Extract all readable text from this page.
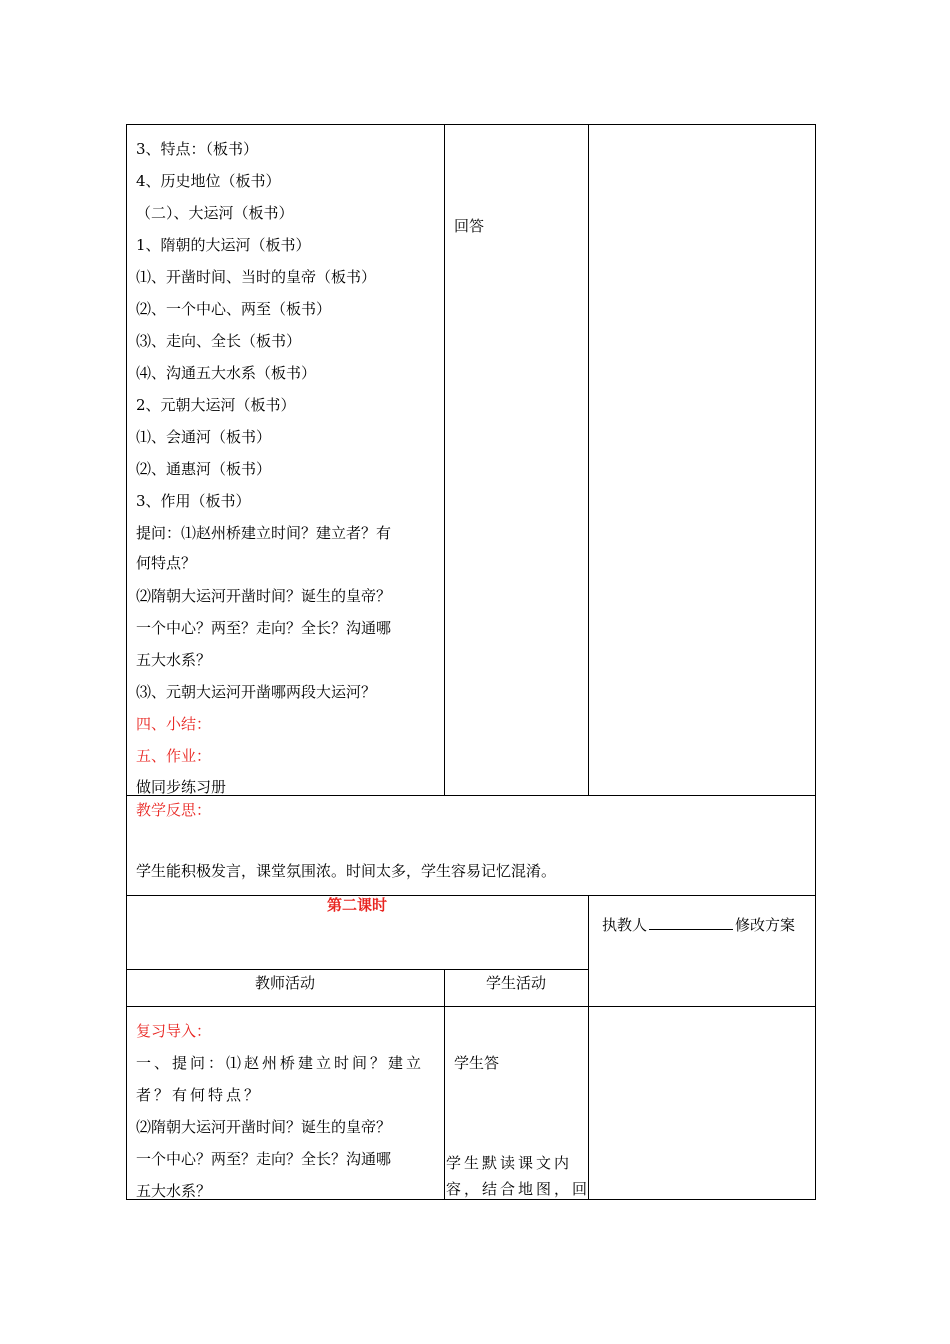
3、特点：（板书）
4、历史地位（板书）
（二）、大运河（板书）
1、隋朝的大运河（板书）
⑴、开凿时间、当时的皇帝（板书）
⑵、一个中心、两至（板书）
⑶、走向、全长（板书）
⑷、沟通五大水系（板书）
2、元朝大运河（板书）
⑴、会通河（板书）
⑵、通惠河（板书）
3、作用（板书）
提问：⑴赵州桥建立时间？建立者？有
何特点？
⑵隋朝大运河开凿时间？诞生的皇帝？
一个中心？两至？走向？全长？沟通哪
五大水系？
⑶、元朝大运河开凿哪两段大运河？
四、小结：
五、作业：
做同步练习册
回答
教学反思：
学生能积极发言，课堂氛围浓。时间太多，学生容易记忆混淆。
第二课时
执教人	修改方案
教师活动	学生活动
复习导入：
一、提问：⑴赵州桥建立时间？建立
者？有何特点？
⑵隋朝大运河开凿时间？诞生的皇帝？
一个中心？两至？走向？全长？沟通哪
五大水系？
学生答
学生默读课文内
容，结合地图，回
